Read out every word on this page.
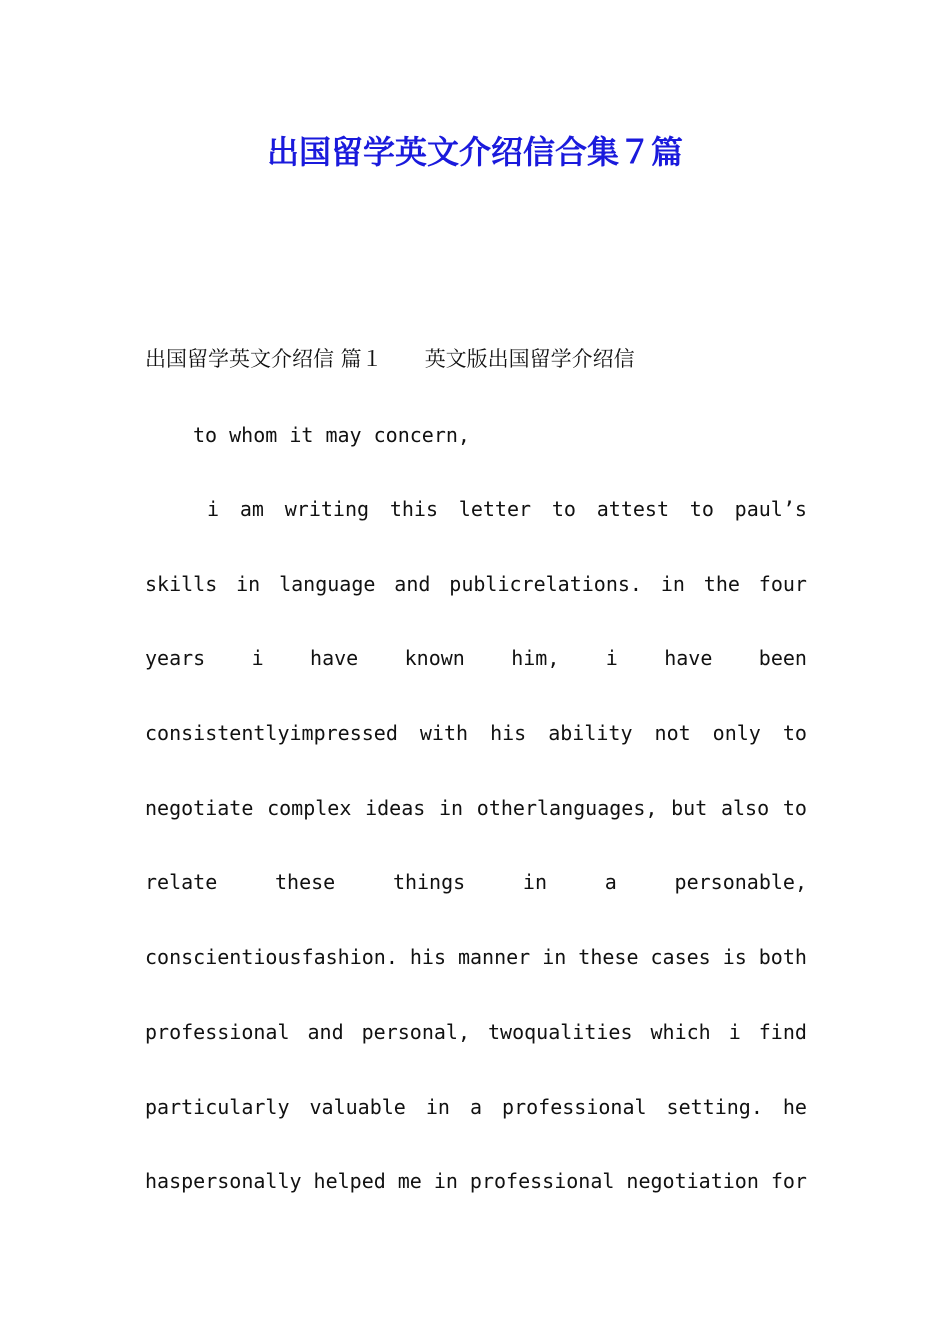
出国留学英文介绍信合集７篇
出国留学英文介绍信 篇１ 英文版出国留学介绍信
to whom it may concern,
i am writing this letter to attest to paul’s
skills in language and publicrelations. in the four
years i have known him, i have been
consistentlyimpressed with his ability not only to
negotiate complex ideas in otherlanguages, but also to
relate	these	things	in	a	personable,
conscientiousfashion. his manner in these cases is both
professional and personal, twoqualities which i find
particularly valuable in a professional setting. he
haspersonally helped me in professional negotiation for
